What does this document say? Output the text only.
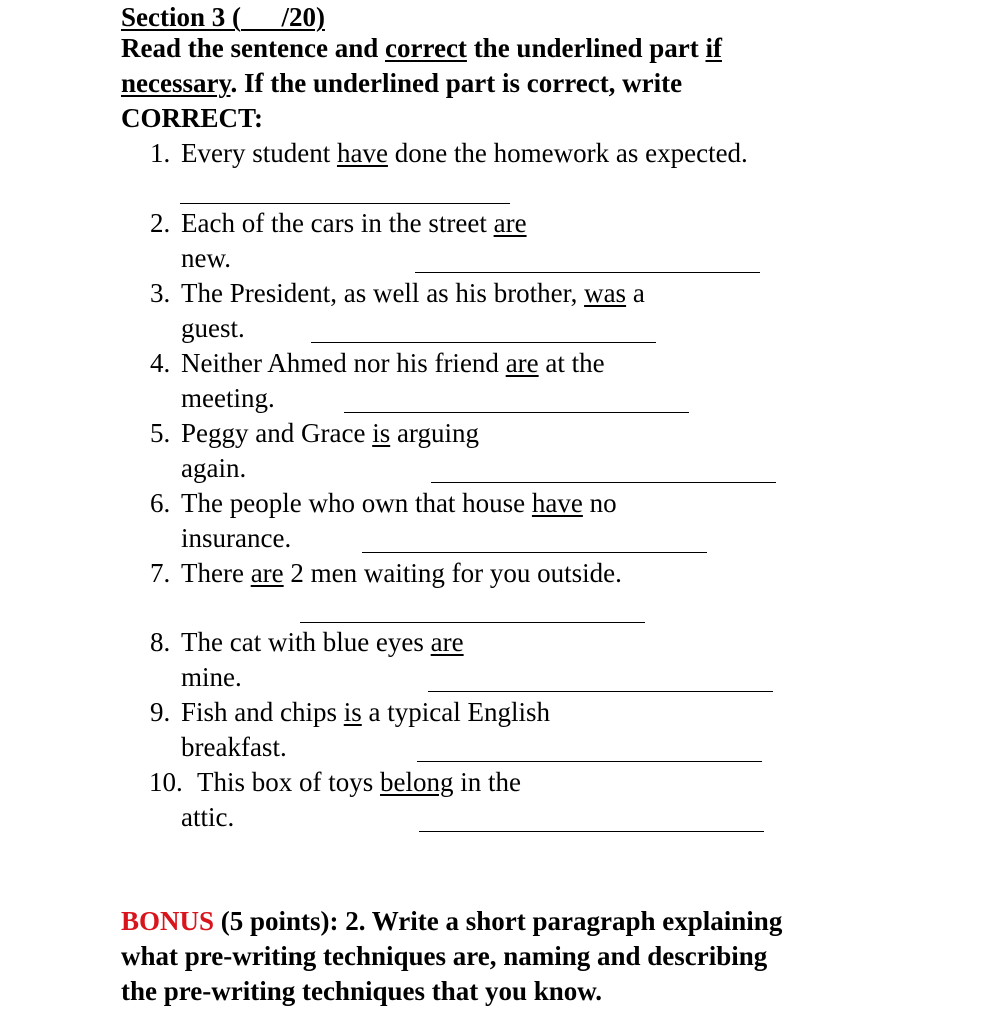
Section 3 ( /20)
Read the sentence and correct the underlined part if
necessary. If the underlined part is correct, write
CORRECT:
1. Every student have done the homework as expected.
2. Each of the cars in the street are
new.
3. The President, as well as his brother, was a
guest.
4. Neither Ahmed nor his friend are at the
meeting.
5. Peggy and Grace is arguing
again.
6. The people who own that house have no
insurance.
7. There are 2 men waiting for you outside.
8. The cat with blue eyes are
mine.
9. Fish and chips is a typical English
breakfast.
10. This box of toys belong in the
attic.
BONUS (5 points): 2. Write a short paragraph explaining
what pre-writing techniques are, naming and describing
the pre-writing techniques that you know.
